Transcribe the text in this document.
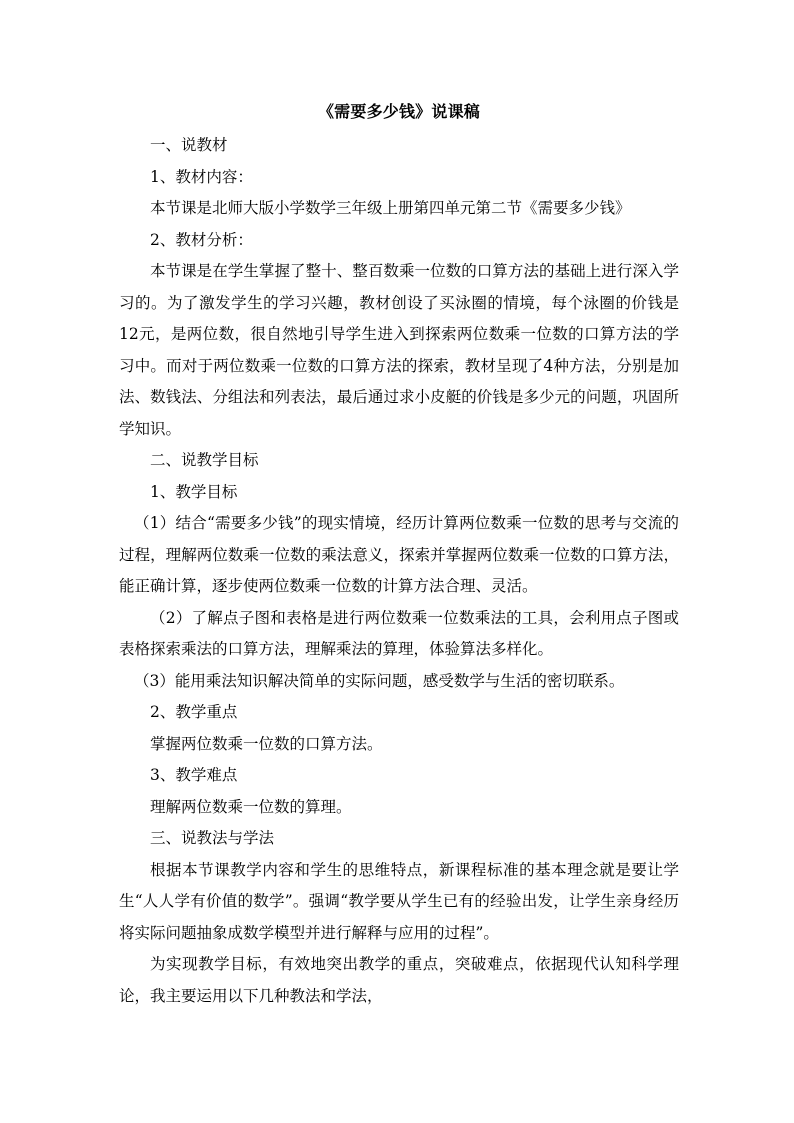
《需要多少钱》说课稿

一、说教材

1、教材内容：

本节课是北师大版小学数学三年级上册第四单元第二节《需要多少钱》

2、教材分析：

本节课是在学生掌握了整十、整百数乘一位数的口算方法的基础上进行深入学习的。为了激发学生的学习兴趣，教材创设了买泳圈的情境，每个泳圈的价钱是12元，是两位数，很自然地引导学生进入到探索两位数乘一位数的口算方法的学习中。而对于两位数乘一位数的口算方法的探索，教材呈现了4种方法，分别是加法、数钱法、分组法和列表法，最后通过求小皮艇的价钱是多少元的问题，巩固所学知识。

二、说教学目标

1、教学目标

（1）结合“需要多少钱”的现实情境，经历计算两位数乘一位数的思考与交流的过程，理解两位数乘一位数的乘法意义，探索并掌握两位数乘一位数的口算方法，能正确计算，逐步使两位数乘一位数的计算方法合理、灵活。

（2）了解点子图和表格是进行两位数乘一位数乘法的工具，会利用点子图或表格探索乘法的口算方法，理解乘法的算理，体验算法多样化。

（3）能用乘法知识解决简单的实际问题，感受数学与生活的密切联系。

2、教学重点

掌握两位数乘一位数的口算方法。

3、教学难点

理解两位数乘一位数的算理。

三、说教法与学法

根据本节课教学内容和学生的思维特点，新课程标准的基本理念就是要让学生“人人学有价值的数学”。强调“教学要从学生已有的经验出发，让学生亲身经历将实际问题抽象成数学模型并进行解释与应用的过程”。

为实现教学目标，有效地突出教学的重点，突破难点，依据现代认知科学理论，我主要运用以下几种教法和学法，
